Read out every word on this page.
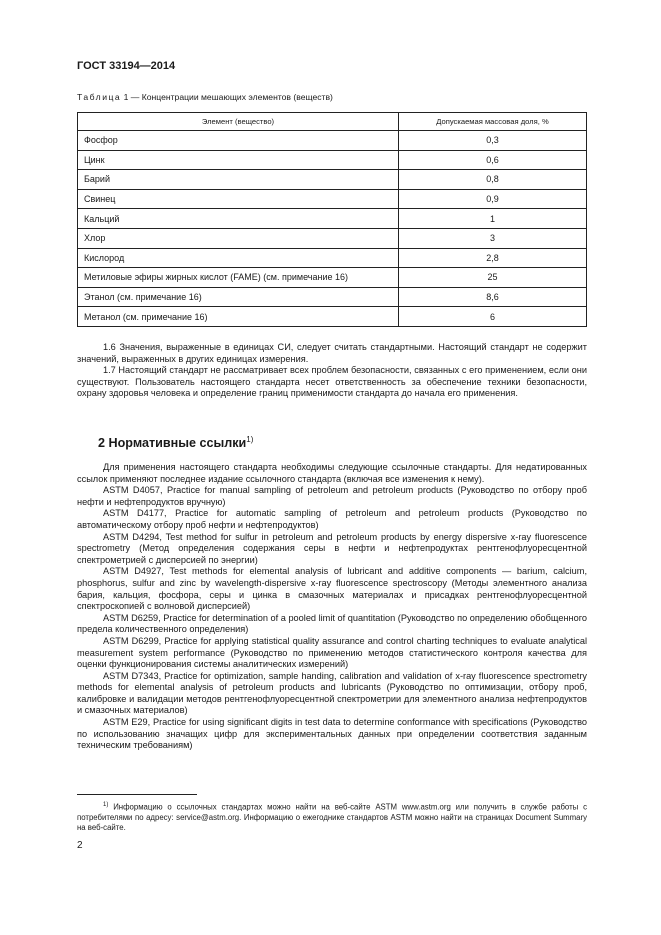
ГОСТ 33194—2014
Таблица 1 — Концентрации мешающих элементов (веществ)
Элемент (вещество)	Допускаемая массовая доля, %
Фосфор	0,3
Цинк	0,6
Барий	0,8
Свинец	0,9
Кальций	1
Хлор	3
Кислород	2,8
Метиловые эфиры жирных кислот (FAME) (см. примечание 16)	25
Этанол (см. примечание 16)	8,6
Метанол (см. примечание 16)	6

1.6 Значения, выраженные в единицах СИ, следует считать стандартными. Настоящий стандарт не содержит значений, выраженных в других единицах измерения.

1.7 Настоящий стандарт не рассматривает всех проблем безопасности, связанных с его применением, если они существуют. Пользователь настоящего стандарта несет ответственность за обеспечение техники безопасности, охрану здоровья человека и определение границ применимости стандарта до начала его применения.

2 Нормативные ссылки$^{1)}$

Для применения настоящего стандарта необходимы следующие ссылочные стандарты. Для недатированных ссылок применяют последнее издание ссылочного стандарта (включая все изменения к нему).

ASTM D4057, Practice for manual sampling of petroleum and petroleum products (Руководство по отбору проб нефти и нефтепродуктов вручную)

ASTM D4177, Practice for automatic sampling of petroleum and petroleum products (Руководство по автоматическому отбору проб нефти и нефтепродуктов)

ASTM D4294, Test method for sulfur in petroleum and petroleum products by energy dispersive x-ray fluorescence spectrometry (Метод определения содержания серы в нефти и нефтепродуктах рентгенофлуоресцентной спектрометрией с дисперсией по энергии)

ASTM D4927, Test methods for elemental analysis of lubricant and additive components — barium, calcium, phosphorus, sulfur and zinc by wavelength-dispersive x-ray fluorescence spectroscopy (Методы элементного анализа бария, кальция, фосфора, серы и цинка в смазочных материалах и присадках рентгенофлуоресцентной спектроскопией с волновой дисперсией)

ASTM D6259, Practice for determination of a pooled limit of quantitation (Руководство по определению обобщенного предела количественного определения)

ASTM D6299, Practice for applying statistical quality assurance and control charting techniques to evaluate analytical measurement system performance (Руководство по применению методов статистического контроля качества для оценки функционирования системы аналитических измерений)

ASTM D7343, Practice for optimization, sample handing, calibration and validation of x-ray fluorescence spectrometry methods for elemental analysis of petroleum products and lubricants (Руководство по оптимизации, отбору проб, калибровке и валидации методов рентгенофлуоресцентной спектрометрии для элементного анализа нефтепродуктов и смазочных материалов)

ASTM E29, Practice for using significant digits in test data to determine conformance with specifications (Руководство по использованию значащих цифр для экспериментальных данных при определении соответствия заданным техническим требованиям)

$^{1)}$ Информацию о ссылочных стандартах можно найти на веб-сайте ASTM www.astm.org или получить в службе работы с потребителями по адресу: service@astm.org. Информацию о ежегоднике стандартов ASTM можно найти на страницах Document Summary на веб-сайте.

2
